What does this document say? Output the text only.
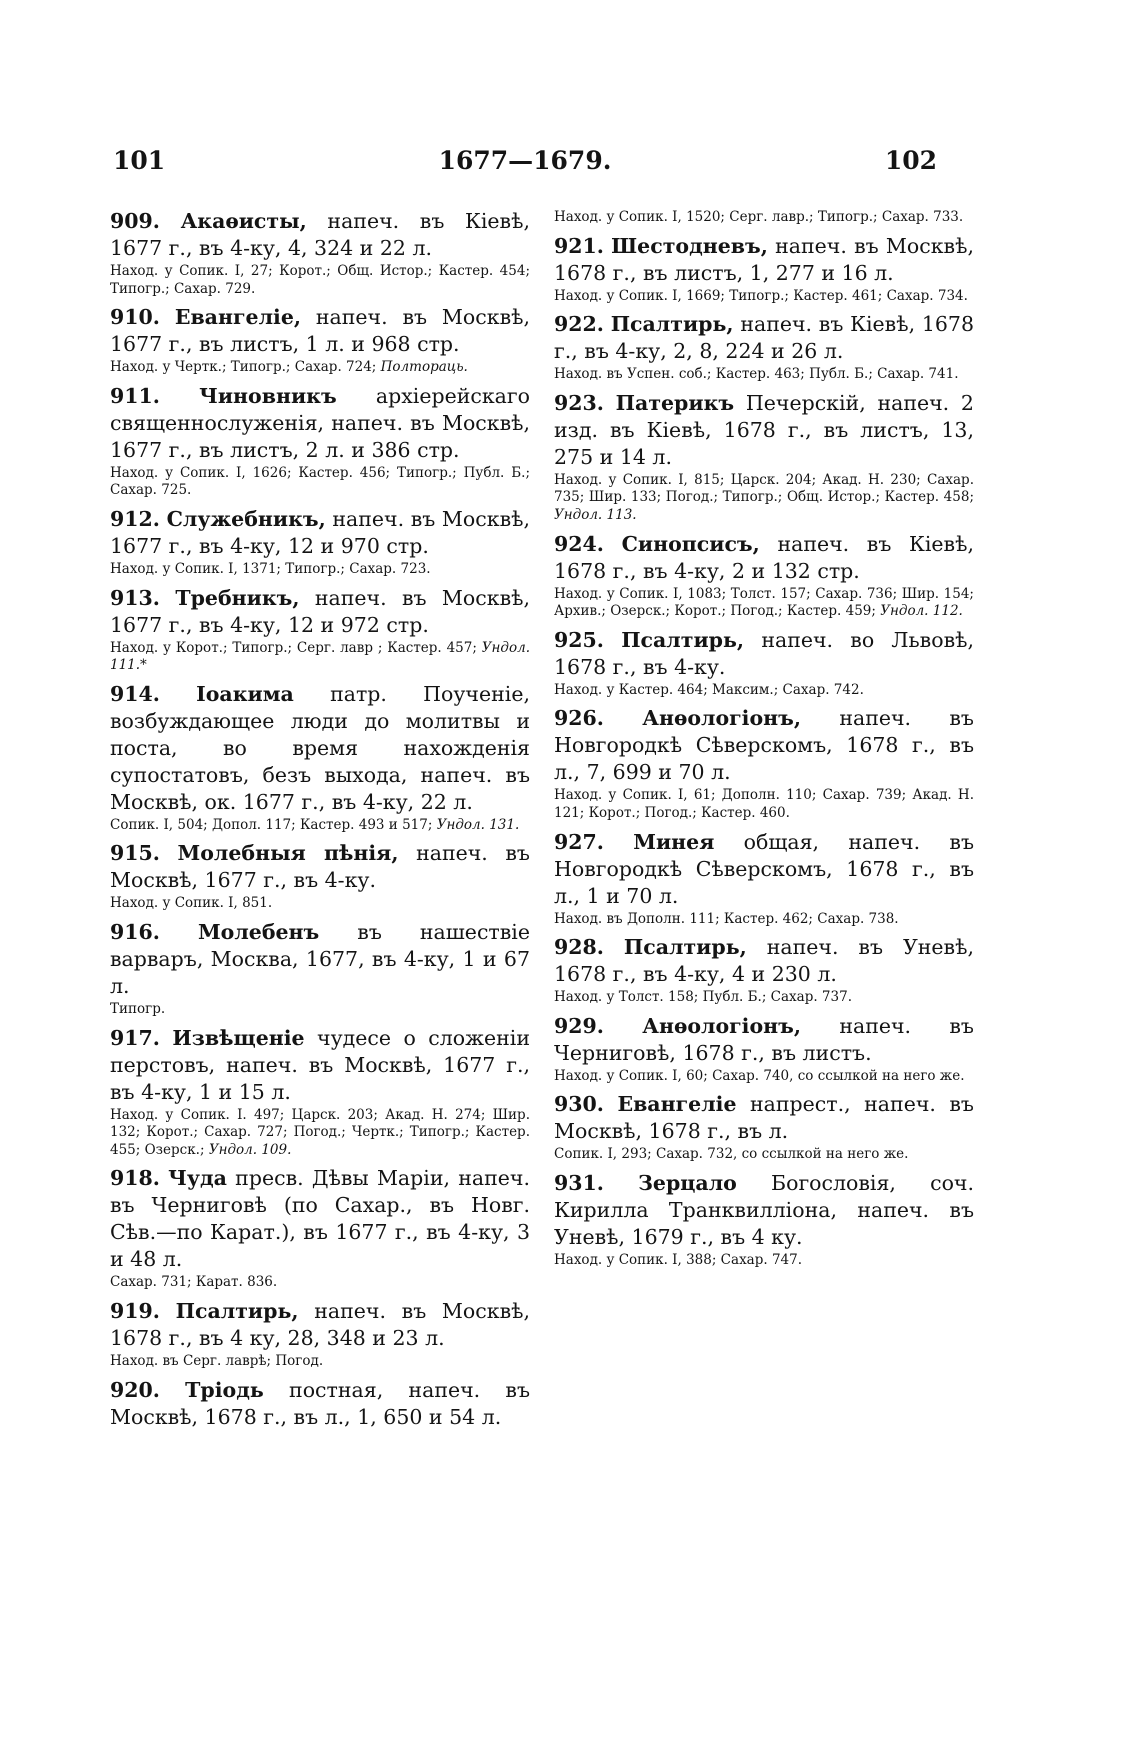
101	1677—1679.	102
909. Акаѳисты, напеч. въ Кіевѣ, 1677 г., въ 4-ку, 4, 324 и 22 л.
Наход. у Сопик. I, 27; Корот.; Общ. Истор.; Кастер. 454; Типогр.; Сахар. 729.
910. Евангеліе, напеч. въ Москвѣ, 1677 г., въ листъ, 1 л. и 968 стр.
Наход. у Чертк.; Типогр.; Сахар. 724; Полтораць.
911. Чиновникъ архіерейскаго священнослуженія, напеч. въ Москвѣ, 1677 г., въ листъ, 2 л. и 386 стр.
Наход. у Сопик. I, 1626; Кастер. 456; Типогр.; Публ. Б.; Сахар. 725.
912. Служебникъ, напеч. въ Москвѣ, 1677 г., въ 4-ку, 12 и 970 стр.
Наход. у Сопик. I, 1371; Типогр.; Сахар. 723.
913. Требникъ, напеч. въ Москвѣ, 1677 г., въ 4-ку, 12 и 972 стр.
Наход. у Корот.; Типогр.; Серг. лавр ; Кастер. 457; Ундол. 111.*
914. Іоакима патр. Поученіе, возбуждающее люди до молитвы и поста, во время нахожденія супостатовъ, безъ выхода, напеч. въ Москвѣ, ок. 1677 г., въ 4-ку, 22 л.
Сопик. I, 504; Допол. 117; Кастер. 493 и 517; Ундол. 131.
915. Молебныя пѣнія, напеч. въ Москвѣ, 1677 г., въ 4-ку.
Наход. у Сопик. I, 851.
916. Молебенъ въ нашествіе варваръ, Москва, 1677, въ 4-ку, 1 и 67 л.
Типогр.
917. Извѣщеніе чудесе о сложеніи перстовъ, напеч. въ Москвѣ, 1677 г., въ 4-ку, 1 и 15 л.
Наход. у Сопик. I. 497; Царск. 203; Акад. Н. 274; Шир. 132; Корот.; Сахар. 727; Погод.; Чертк.; Типогр.; Кастер. 455; Озерск.; Ундол. 109.
918. Чуда пресв. Дѣвы Маріи, напеч. въ Черниговѣ (по Сахар., въ Новг. Сѣв.—по Карат.), въ 1677 г., въ 4-ку, 3 и 48 л.
Сахар. 731; Карат. 836.
919. Псалтирь, напеч. въ Москвѣ, 1678 г., въ 4 ку, 28, 348 и 23 л.
Наход. въ Серг. лаврѣ; Погод.
920. Тріодь постная, напеч. въ Москвѣ, 1678 г., въ л., 1, 650 и 54 л.
Наход. у Сопик. I, 1520; Серг. лавр.; Типогр.; Сахар. 733.
921. Шестодневъ, напеч. въ Москвѣ, 1678 г., въ листъ, 1, 277 и 16 л.
Наход. у Сопик. I, 1669; Типогр.; Кастер. 461; Сахар. 734.
922. Псалтирь, напеч. въ Кіевѣ, 1678 г., въ 4-ку, 2, 8, 224 и 26 л.
Наход. въ Успен. соб.; Кастер. 463; Публ. Б.; Сахар. 741.
923. Патерикъ Печерскій, напеч. 2 изд. въ Кіевѣ, 1678 г., въ листъ, 13, 275 и 14 л.
Наход. у Сопик. I, 815; Царск. 204; Акад. Н. 230; Сахар. 735; Шир. 133; Погод.; Типогр.; Общ. Истор.; Кастер. 458; Ундол. 113.
924. Синопсисъ, напеч. въ Кіевѣ, 1678 г., въ 4-ку, 2 и 132 стр.
Наход. у Сопик. I, 1083; Толст. 157; Сахар. 736; Шир. 154; Архив.; Озерск.; Корот.; Погод.; Кастер. 459; Ундол. 112.
925. Псалтирь, напеч. во Львовѣ, 1678 г., въ 4-ку.
Наход. у Кастер. 464; Максим.; Сахар. 742.
926. Анѳологіонъ, напеч. въ Новгородкѣ Сѣверскомъ, 1678 г., въ л., 7, 699 и 70 л.
Наход. у Сопик. I, 61; Дополн. 110; Сахар. 739; Акад. Н. 121; Корот.; Погод.; Кастер. 460.
927. Минея общая, напеч. въ Новгородкѣ Сѣверскомъ, 1678 г., въ л., 1 и 70 л.
Наход. въ Дополн. 111; Кастер. 462; Сахар. 738.
928. Псалтирь, напеч. въ Уневѣ, 1678 г., въ 4-ку, 4 и 230 л.
Наход. у Толст. 158; Публ. Б.; Сахар. 737.
929. Анѳологіонъ, напеч. въ Черниговѣ, 1678 г., въ листъ.
Наход. у Сопик. I, 60; Сахар. 740, со ссылкой на него же.
930. Евангеліе напрест., напеч. въ Москвѣ, 1678 г., въ л.
Сопик. I, 293; Сахар. 732, со ссылкой на него же.
931. Зерцало Богословія, соч. Кирилла Транквилліона, напеч. въ Уневѣ, 1679 г., въ 4 ку.
Наход. у Сопик. I, 388; Сахар. 747.
